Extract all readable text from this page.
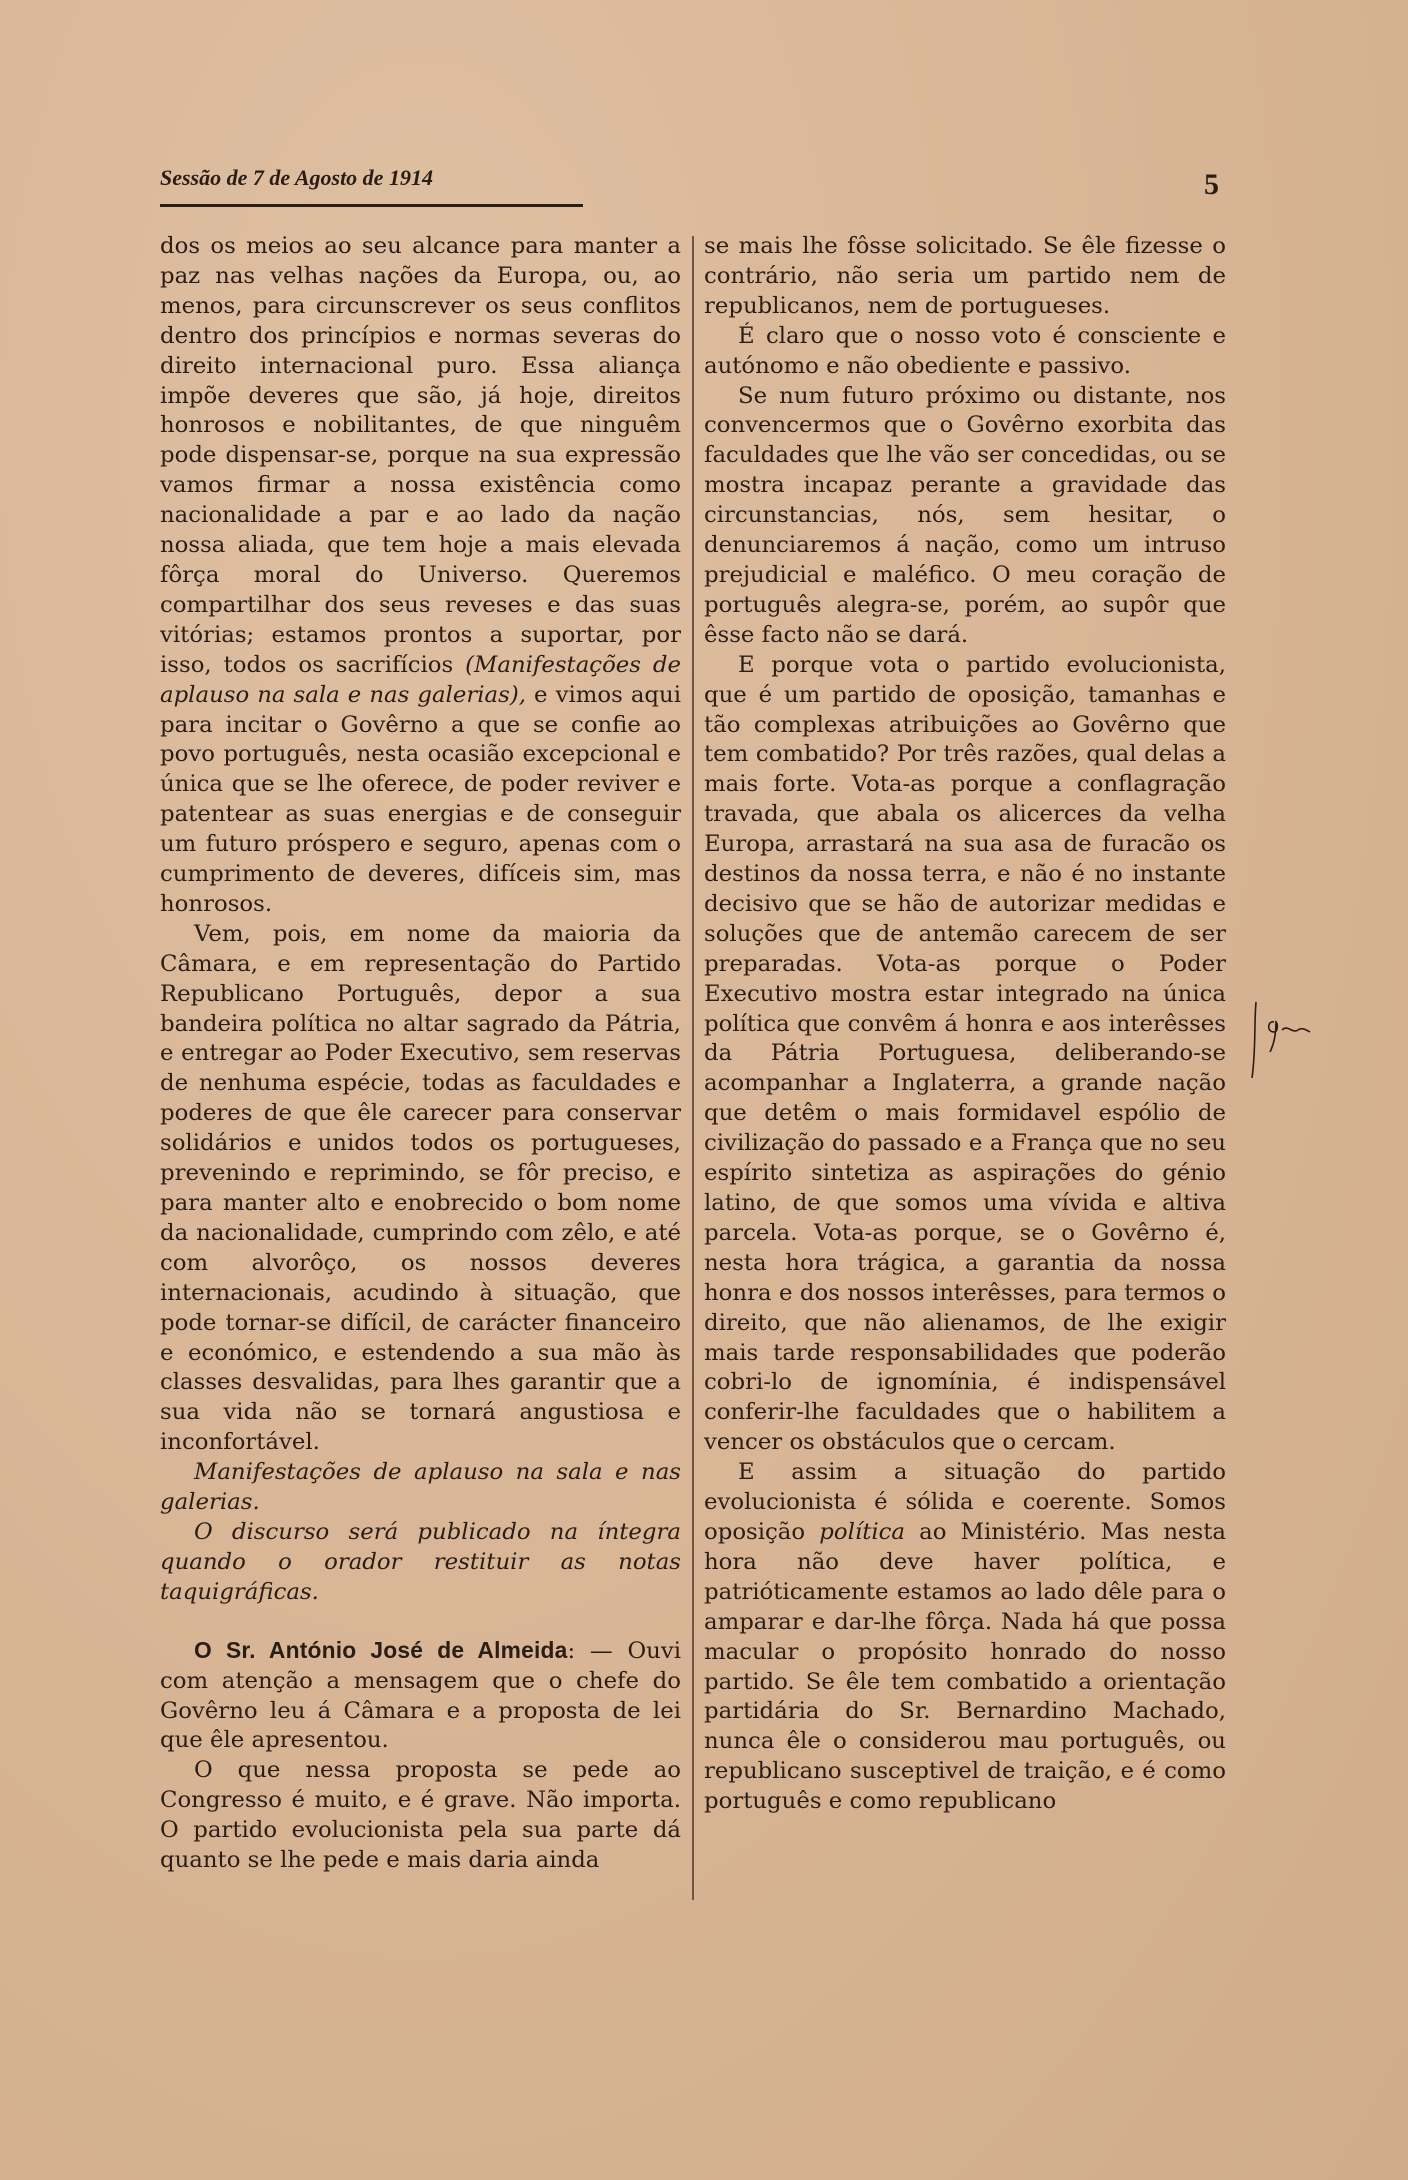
Sessão de 7 de Agosto de 1914	5

dos os meios ao seu alcance para manter a paz nas velhas nações da Europa, ou, ao menos, para circunscrever os seus conflitos dentro dos princípios e normas severas do direito internacional puro. Essa aliança impõe deveres que são, já hoje, direitos honrosos e nobilitantes, de que ninguêm pode dispensar-se, porque na sua expressão vamos firmar a nossa existência como nacionalidade a par e ao lado da nação nossa aliada, que tem hoje a mais elevada fôrça moral do Universo. Queremos compartilhar dos seus reveses e das suas vitórias; estamos prontos a suportar, por isso, todos os sacrifícios (Manifestações de aplauso na sala e nas galerias), e vimos aqui para incitar o Govêrno a que se confie ao povo português, nesta ocasião excepcional e única que se lhe oferece, de poder reviver e patentear as suas energias e de conseguir um futuro próspero e seguro, apenas com o cumprimento de deveres, difíceis sim, mas honrosos.

Vem, pois, em nome da maioria da Câmara, e em representação do Partido Republicano Português, depor a sua bandeira política no altar sagrado da Pátria, e entregar ao Poder Executivo, sem reservas de nenhuma espécie, todas as faculdades e poderes de que êle carecer para conservar solidários e unidos todos os portugueses, prevenindo e reprimindo, se fôr preciso, e para manter alto e enobrecido o bom nome da nacionalidade, cumprindo com zêlo, e até com alvorôço, os nossos deveres internacionais, acudindo à situação, que pode tornar-se difícil, de carácter financeiro e económico, e estendendo a sua mão às classes desvalidas, para lhes garantir que a sua vida não se tornará angustiosa e inconfortável.

Manifestações de aplauso na sala e nas galerias.

O discurso será publicado na íntegra quando o orador restituir as notas taquigráficas.

O Sr. António José de Almeida: — Ouvi com atenção a mensagem que o chefe do Govêrno leu á Câmara e a proposta de lei que êle apresentou.

O que nessa proposta se pede ao Congresso é muito, e é grave. Não importa. O partido evolucionista pela sua parte dá quanto se lhe pede e mais daria ainda

se mais lhe fôsse solicitado. Se êle fizesse o contrário, não seria um partido nem de republicanos, nem de portugueses.

É claro que o nosso voto é consciente e autónomo e não obediente e passivo.

Se num futuro próximo ou distante, nos convencermos que o Govêrno exorbita das faculdades que lhe vão ser concedidas, ou se mostra incapaz perante a gravidade das circunstancias, nós, sem hesitar, o denunciaremos á nação, como um intruso prejudicial e maléfico. O meu coração de português alegra-se, porém, ao supôr que êsse facto não se dará.

E porque vota o partido evolucionista, que é um partido de oposição, tamanhas e tão complexas atribuições ao Govêrno que tem combatido? Por três razões, qual delas a mais forte. Vota-as porque a conflagração travada, que abala os alicerces da velha Europa, arrastará na sua asa de furacão os destinos da nossa terra, e não é no instante decisivo que se hão de autorizar medidas e soluções que de antemão carecem de ser preparadas. Vota-as porque o Poder Executivo mostra estar integrado na única política que convêm á honra e aos interêsses da Pátria Portuguesa, deliberando-se acompanhar a Inglaterra, a grande nação que detêm o mais formidavel espólio de civilização do passado e a França que no seu espírito sintetiza as aspirações do génio latino, de que somos uma vívida e altiva parcela. Vota-as porque, se o Govêrno é, nesta hora trágica, a garantia da nossa honra e dos nossos interêsses, para termos o direito, que não alienamos, de lhe exigir mais tarde responsabilidades que poderão cobri-lo de ignomínia, é indispensável conferir-lhe faculdades que o habilitem a vencer os obstáculos que o cercam.

E assim a situação do partido evolucionista é sólida e coerente. Somos oposição política ao Ministério. Mas nesta hora não deve haver política, e patrióticamente estamos ao lado dêle para o amparar e dar-lhe fôrça. Nada há que possa macular o propósito honrado do nosso partido. Se êle tem combatido a orientação partidária do Sr. Bernardino Machado, nunca êle o considerou mau português, ou republicano susceptivel de traição, e é como português e como republicano
